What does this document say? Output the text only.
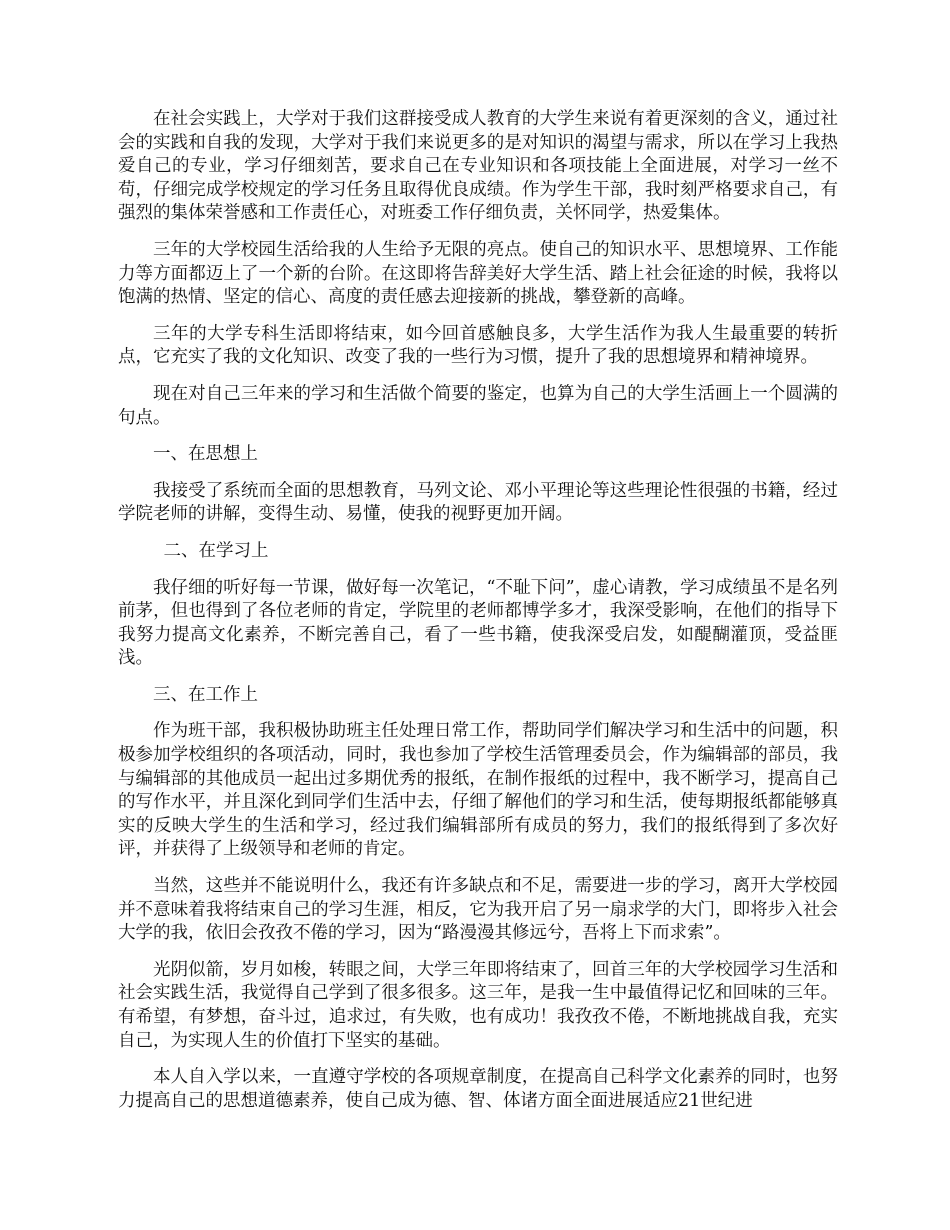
在社会实践上，大学对于我们这群接受成人教育的大学生来说有着更深刻的含义，通过社会的实践和自我的发现，大学对于我们来说更多的是对知识的渴望与需求，所以在学习上我热爱自己的专业，学习仔细刻苦，要求自己在专业知识和各项技能上全面进展，对学习一丝不苟，仔细完成学校规定的学习任务且取得优良成绩。作为学生干部，我时刻严格要求自己，有强烈的集体荣誉感和工作责任心，对班委工作仔细负责，关怀同学，热爱集体。

三年的大学校园生活给我的人生给予无限的亮点。使自己的知识水平、思想境界、工作能力等方面都迈上了一个新的台阶。在这即将告辞美好大学生活、踏上社会征途的时候，我将以饱满的热情、坚定的信心、高度的责任感去迎接新的挑战，攀登新的高峰。

三年的大学专科生活即将结束，如今回首感触良多，大学生活作为我人生最重要的转折点，它充实了我的文化知识、改变了我的一些行为习惯，提升了我的思想境界和精神境界。

现在对自己三年来的学习和生活做个简要的鉴定，也算为自己的大学生活画上一个圆满的句点。

一、在思想上

我接受了系统而全面的思想教育，马列文论、邓小平理论等这些理论性很强的书籍，经过学院老师的讲解，变得生动、易懂，使我的视野更加开阔。

二、在学习上

我仔细的听好每一节课，做好每一次笔记，“不耻下问”，虚心请教，学习成绩虽不是名列前茅，但也得到了各位老师的肯定，学院里的老师都博学多才，我深受影响，在他们的指导下我努力提高文化素养，不断完善自己，看了一些书籍，使我深受启发，如醍醐灌顶，受益匪浅。

三、在工作上

作为班干部，我积极协助班主任处理日常工作，帮助同学们解决学习和生活中的问题，积极参加学校组织的各项活动，同时，我也参加了学校生活管理委员会，作为编辑部的部员，我与编辑部的其他成员一起出过多期优秀的报纸，在制作报纸的过程中，我不断学习，提高自己的写作水平，并且深化到同学们生活中去，仔细了解他们的学习和生活，使每期报纸都能够真实的反映大学生的生活和学习，经过我们编辑部所有成员的努力，我们的报纸得到了多次好评，并获得了上级领导和老师的肯定。

当然，这些并不能说明什么，我还有许多缺点和不足，需要进一步的学习，离开大学校园并不意味着我将结束自己的学习生涯，相反，它为我开启了另一扇求学的大门，即将步入社会大学的我，依旧会孜孜不倦的学习，因为“路漫漫其修远兮，吾将上下而求索”。

光阴似箭，岁月如梭，转眼之间，大学三年即将结束了，回首三年的大学校园学习生活和社会实践生活，我觉得自己学到了很多很多。这三年，是我一生中最值得记忆和回味的三年。有希望，有梦想，奋斗过，追求过，有失败，也有成功！我孜孜不倦，不断地挑战自我，充实自己，为实现人生的价值打下坚实的基础。

本人自入学以来，一直遵守学校的各项规章制度，在提高自己科学文化素养的同时，也努力提高自己的思想道德素养，使自己成为德、智、体诸方面全面进展适应21世纪进
